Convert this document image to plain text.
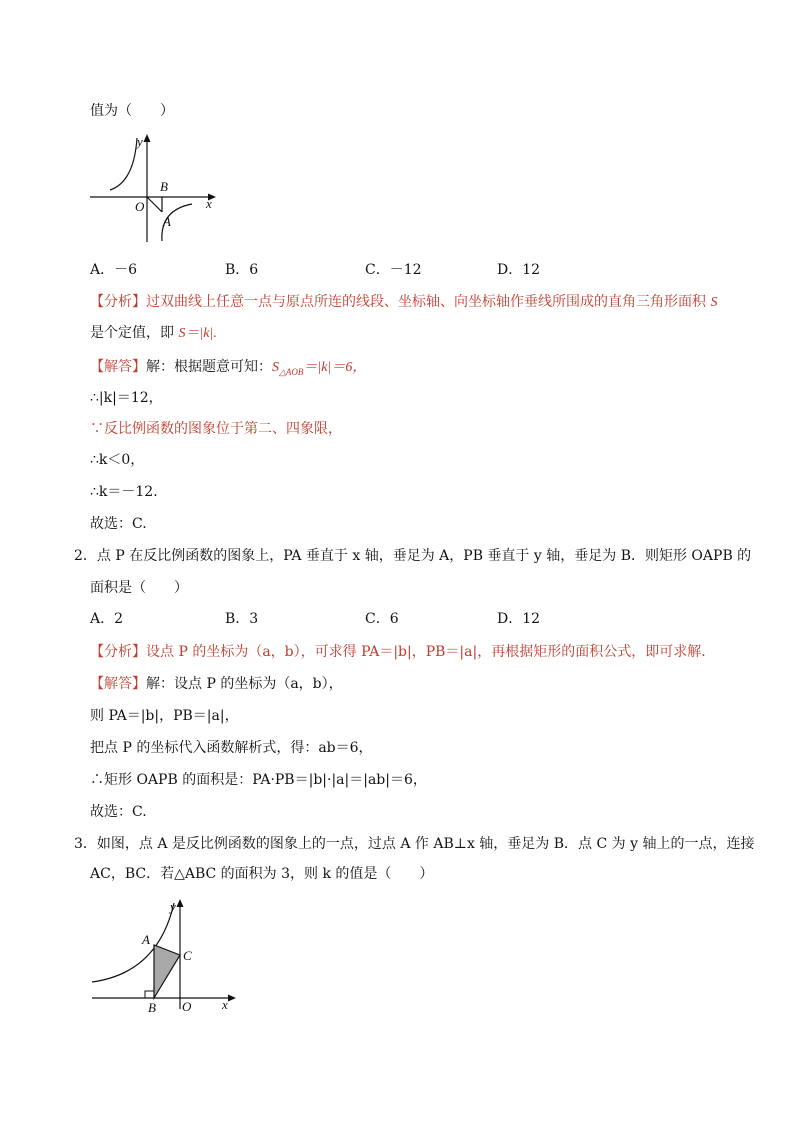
值为（　　）
y
x
O
B
A
A．－6	B．6	C．－12	D．12
【分析】过双曲线上任意一点与原点所连的线段、坐标轴、向坐标轴作垂线所围成的直角三角形面积 S
是个定值，即 S＝|k|.
【解答】解：根据题意可知：$S_{\triangle AOB}=|k|=6$，
∴|k|＝12，
∵反比例函数的图象位于第二、四象限，
∴k＜0，
∴k＝－12.
故选：C.
2．点 P 在反比例函数的图象上，PA 垂直于 x 轴，垂足为 A，PB 垂直于 y 轴，垂足为 B．则矩形 OAPB 的
面积是（　　）
A．2	B．3	C．6	D．12
【分析】设点 P 的坐标为（a，b），可求得 PA＝|b|，PB＝|a|，再根据矩形的面积公式，即可求解．
【解答】解：设点 P 的坐标为（a，b），
则 PA＝|b|，PB＝|a|，
把点 P 的坐标代入函数解析式，得：ab＝6，
∴矩形 OAPB 的面积是：PA·PB＝|b|·|a|＝|ab|＝6，
故选：C.
3．如图，点 A 是反比例函数的图象上的一点，过点 A 作 AB⊥x 轴，垂足为 B．点 C 为 y 轴上的一点，连接
AC，BC．若△ABC 的面积为 3，则 k 的值是（　　）
y
x
O
B
A
C
